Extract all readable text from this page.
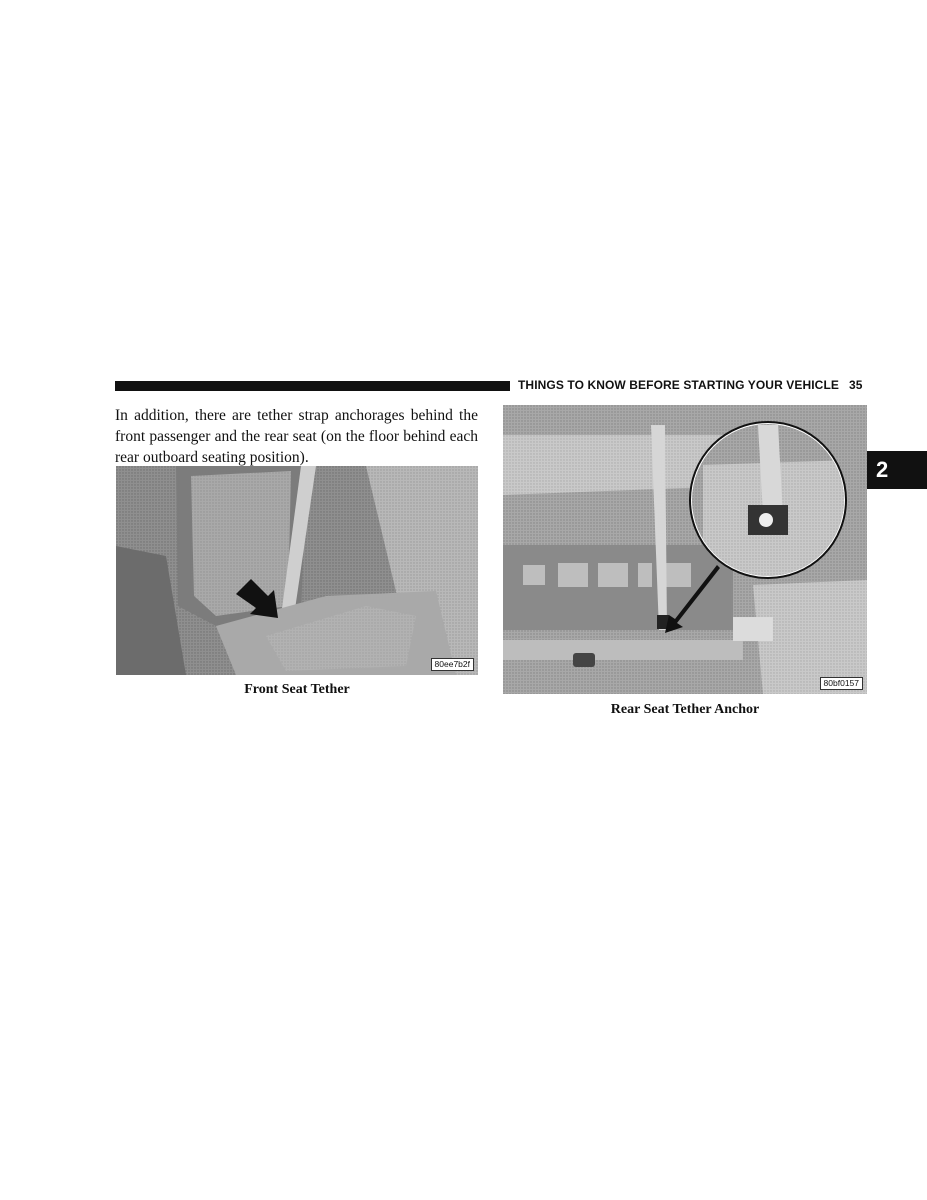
THINGS TO KNOW BEFORE STARTING YOUR VEHICLE 35
2

In addition, there are tether strap anchorages behind the front passenger and the rear seat (on the floor behind each rear outboard seating position).

80ee7b2f
Front Seat Tether	80bf0157
Rear Seat Tether Anchor
